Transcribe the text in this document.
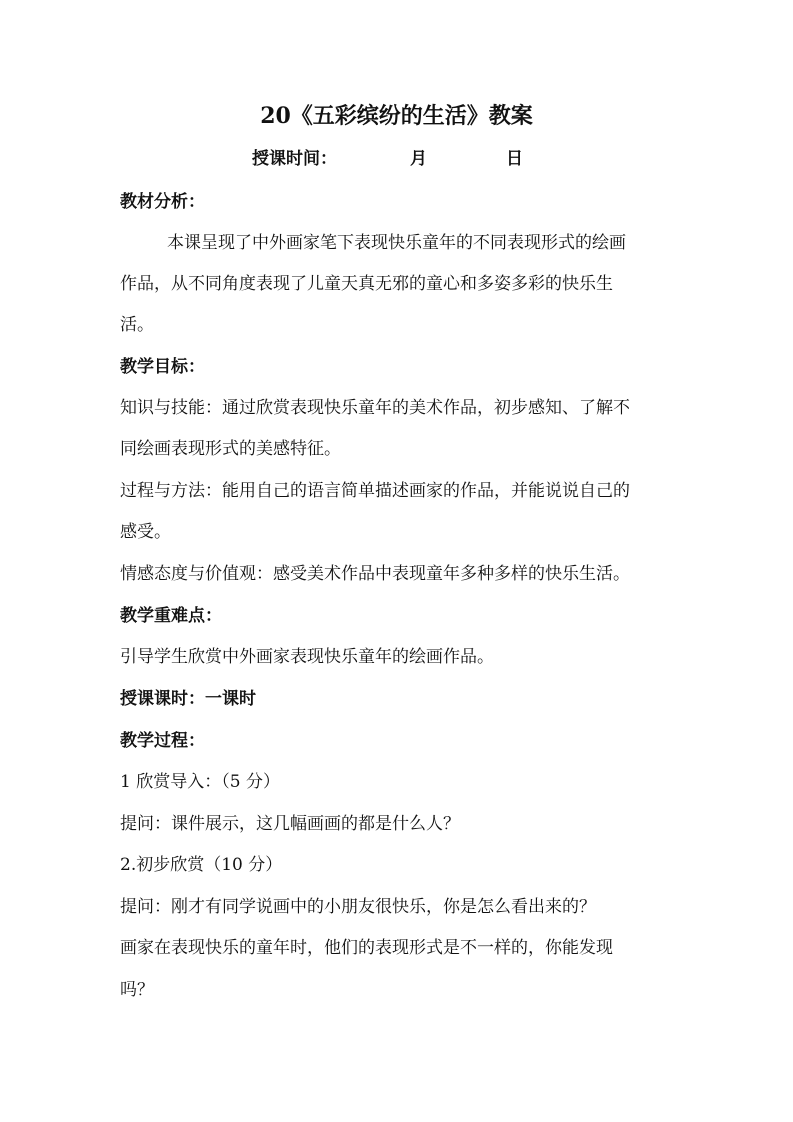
20《五彩缤纷的生活》教案
授课时间：	月	日
教材分析：
本课呈现了中外画家笔下表现快乐童年的不同表现形式的绘画
作品，从不同角度表现了儿童天真无邪的童心和多姿多彩的快乐生
活。
教学目标：
知识与技能：通过欣赏表现快乐童年的美术作品，初步感知、了解不
同绘画表现形式的美感特征。
过程与方法：能用自己的语言简单描述画家的作品，并能说说自己的
感受。
情感态度与价值观：感受美术作品中表现童年多种多样的快乐生活。
教学重难点：
引导学生欣赏中外画家表现快乐童年的绘画作品。
授课课时：一课时
教学过程：
1 欣赏导入：（5 分）
提问：课件展示，这几幅画画的都是什么人？
2.初步欣赏（10 分）
提问：刚才有同学说画中的小朋友很快乐，你是怎么看出来的？
画家在表现快乐的童年时，他们的表现形式是不一样的，你能发现
吗？
